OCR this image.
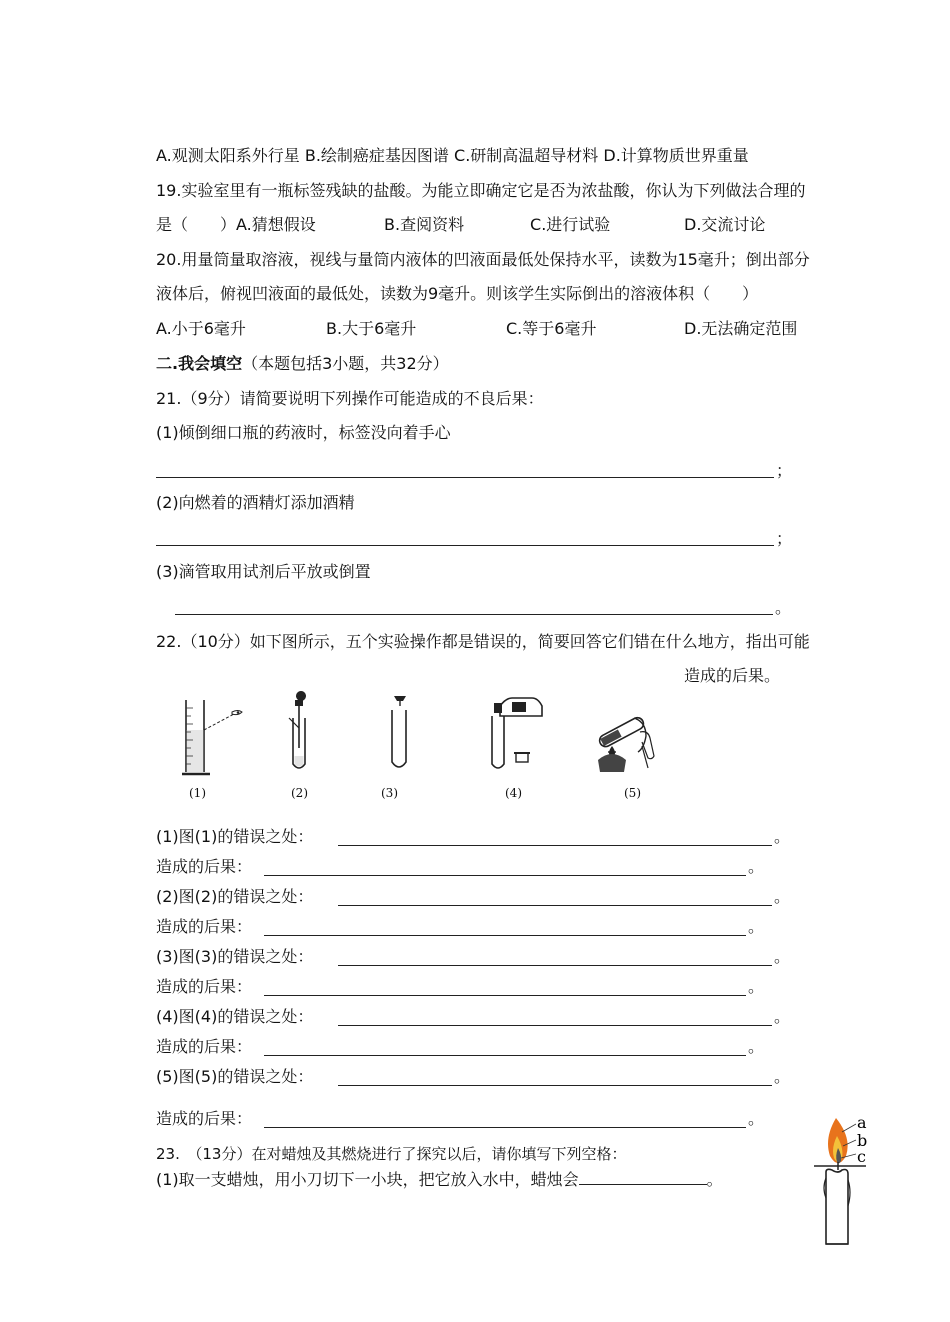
A.观测太阳系外行星 B.绘制癌症基因图谱 C.研制高温超导材料 D.计算物质世界重量
19.实验室里有一瓶标签残缺的盐酸。为能立即确定它是否为浓盐酸，你认为下列做法合理的
是（　　）A.猜想假设	B.查阅资料	C.进行试验	D.交流讨论
20.用量筒量取溶液，视线与量筒内液体的凹液面最低处保持水平，读数为15毫升；倒出部分
液体后，俯视凹液面的最低处，读数为9毫升。则该学生实际倒出的溶液体积（　　）
A.小于6毫升	B.大于6毫升	C.等于6毫升	D.无法确定范围
二.我会填空（本题包括3小题，共32分）
21.（9分）请简要说明下列操作可能造成的不良后果：
(1)倾倒细口瓶的药液时，标签没向着手心
；
(2)向燃着的酒精灯添加酒精
；
(3)滴管取用试剂后平放或倒置
。
22.（10分）如下图所示，五个实验操作都是错误的，简要回答它们错在什么地方，指出可能
造成的后果。
(1)	(2)	(3)	(4)	(5)
(1)图(1)的错误之处：	。
造成的后果：	。
(2)图(2)的错误之处：	。
造成的后果：	。
(3)图(3)的错误之处：	。
造成的后果：	。
(4)图(4)的错误之处：	。
造成的后果：	。
(5)图(5)的错误之处：	。
造成的后果：	。
23.　（13分）在对蜡烛及其燃烧进行了探究以后，请你填写下列空格：
(1)取一支蜡烛，用小刀切下一小块，把它放入水中，蜡烛会	。
a
b
c
